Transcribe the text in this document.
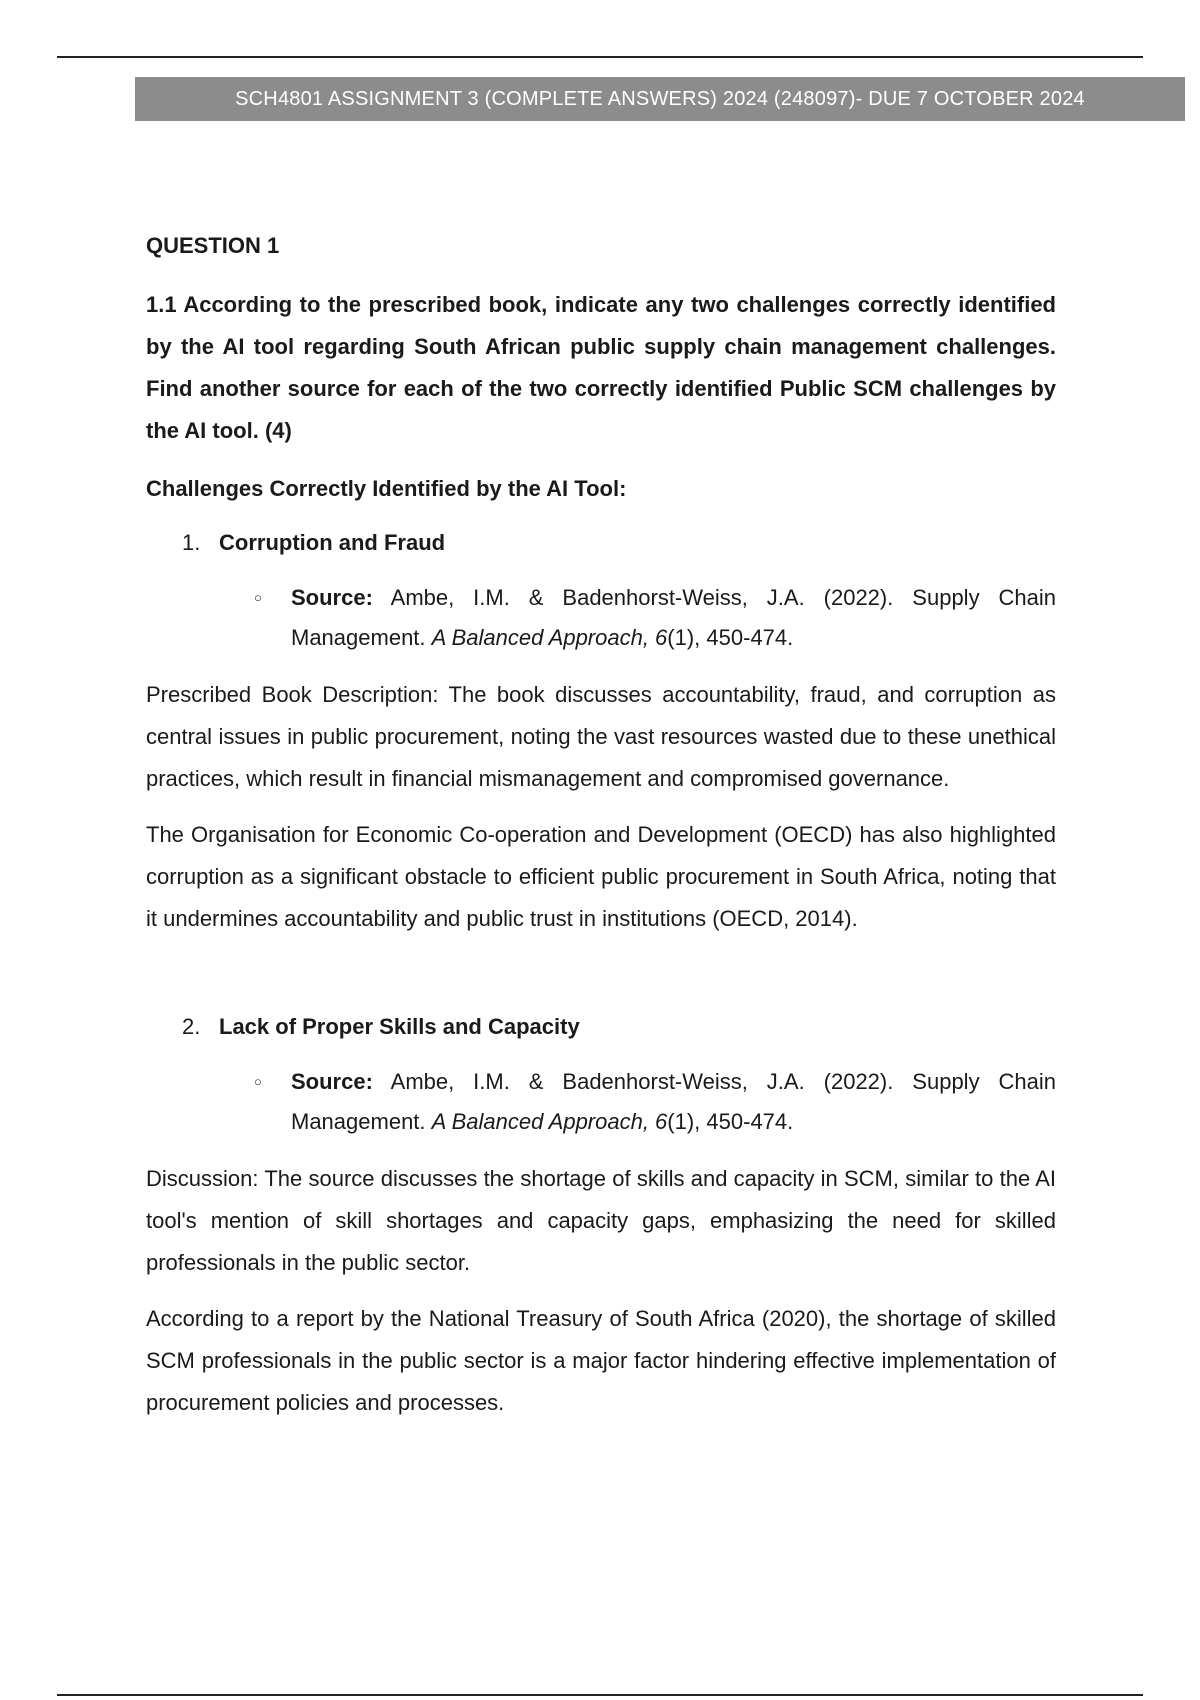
SCH4801 ASSIGNMENT 3 (COMPLETE ANSWERS) 2024 (248097)- DUE 7 OCTOBER 2024
QUESTION 1
1.1 According to the prescribed book, indicate any two challenges correctly identified by the AI tool regarding South African public supply chain management challenges. Find another source for each of the two correctly identified Public SCM challenges by the AI tool. (4)
Challenges Correctly Identified by the AI Tool:
1. Corruption and Fraud
○ Source: Ambe, I.M. & Badenhorst-Weiss, J.A. (2022). Supply Chain Management. A Balanced Approach, 6(1), 450-474.
Prescribed Book Description: The book discusses accountability, fraud, and corruption as central issues in public procurement, noting the vast resources wasted due to these unethical practices, which result in financial mismanagement and compromised governance.
The Organisation for Economic Co-operation and Development (OECD) has also highlighted corruption as a significant obstacle to efficient public procurement in South Africa, noting that it undermines accountability and public trust in institutions (OECD, 2014).
2. Lack of Proper Skills and Capacity
○ Source: Ambe, I.M. & Badenhorst-Weiss, J.A. (2022). Supply Chain Management. A Balanced Approach, 6(1), 450-474.
Discussion: The source discusses the shortage of skills and capacity in SCM, similar to the AI tool's mention of skill shortages and capacity gaps, emphasizing the need for skilled professionals in the public sector.
According to a report by the National Treasury of South Africa (2020), the shortage of skilled SCM professionals in the public sector is a major factor hindering effective implementation of procurement policies and processes.
